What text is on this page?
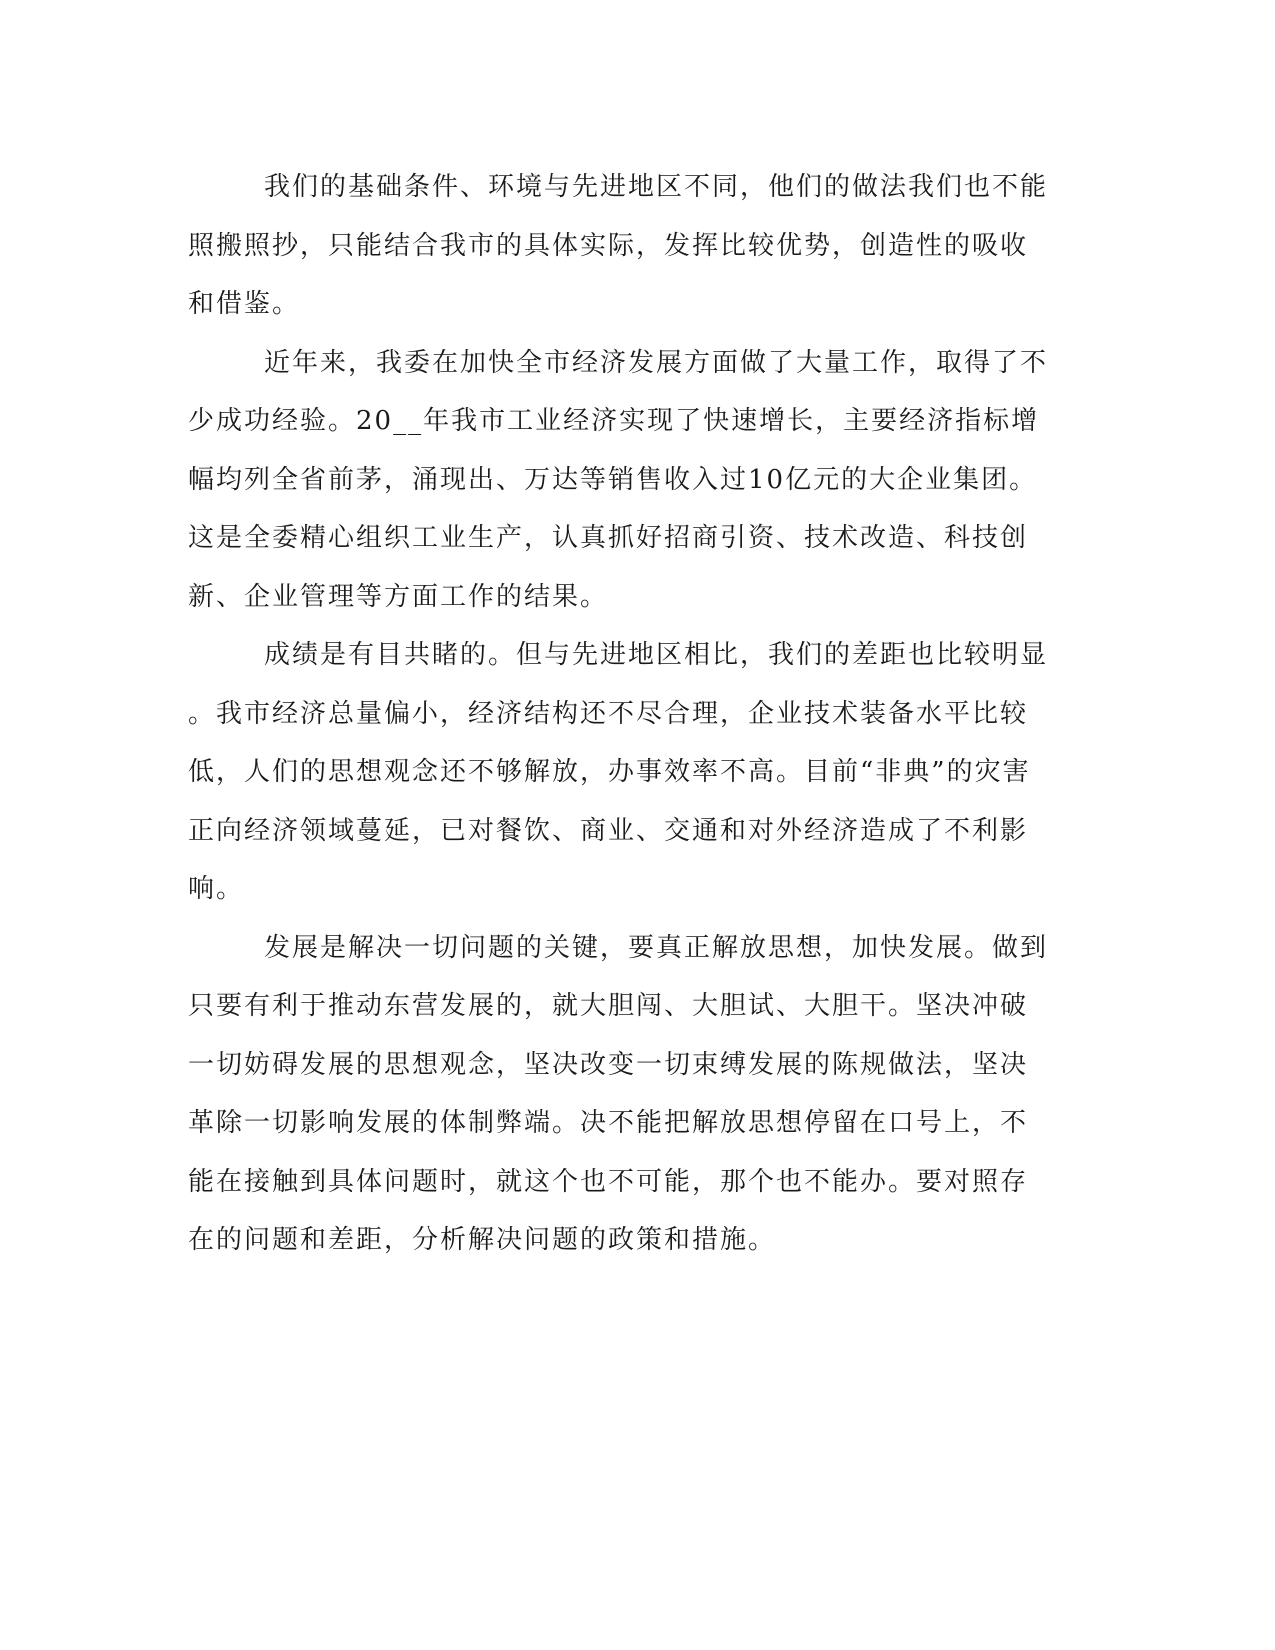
我们的基础条件、环境与先进地区不同，他们的做法我们也不能
照搬照抄，只能结合我市的具体实际，发挥比较优势，创造性的吸收
和借鉴。
近年来，我委在加快全市经济发展方面做了大量工作，取得了不
少成功经验。20__年我市工业经济实现了快速增长，主要经济指标增
幅均列全省前茅，涌现出、万达等销售收入过10亿元的大企业集团。
这是全委精心组织工业生产，认真抓好招商引资、技术改造、科技创
新、企业管理等方面工作的结果。
成绩是有目共睹的。但与先进地区相比，我们的差距也比较明显
。我市经济总量偏小，经济结构还不尽合理，企业技术装备水平比较
低，人们的思想观念还不够解放，办事效率不高。目前“非典”的灾害
正向经济领域蔓延，已对餐饮、商业、交通和对外经济造成了不利影
响。
发展是解决一切问题的关键，要真正解放思想，加快发展。做到
只要有利于推动东营发展的，就大胆闯、大胆试、大胆干。坚决冲破
一切妨碍发展的思想观念，坚决改变一切束缚发展的陈规做法，坚决
革除一切影响发展的体制弊端。决不能把解放思想停留在口号上，不
能在接触到具体问题时，就这个也不可能，那个也不能办。要对照存
在的问题和差距，分析解决问题的政策和措施。
